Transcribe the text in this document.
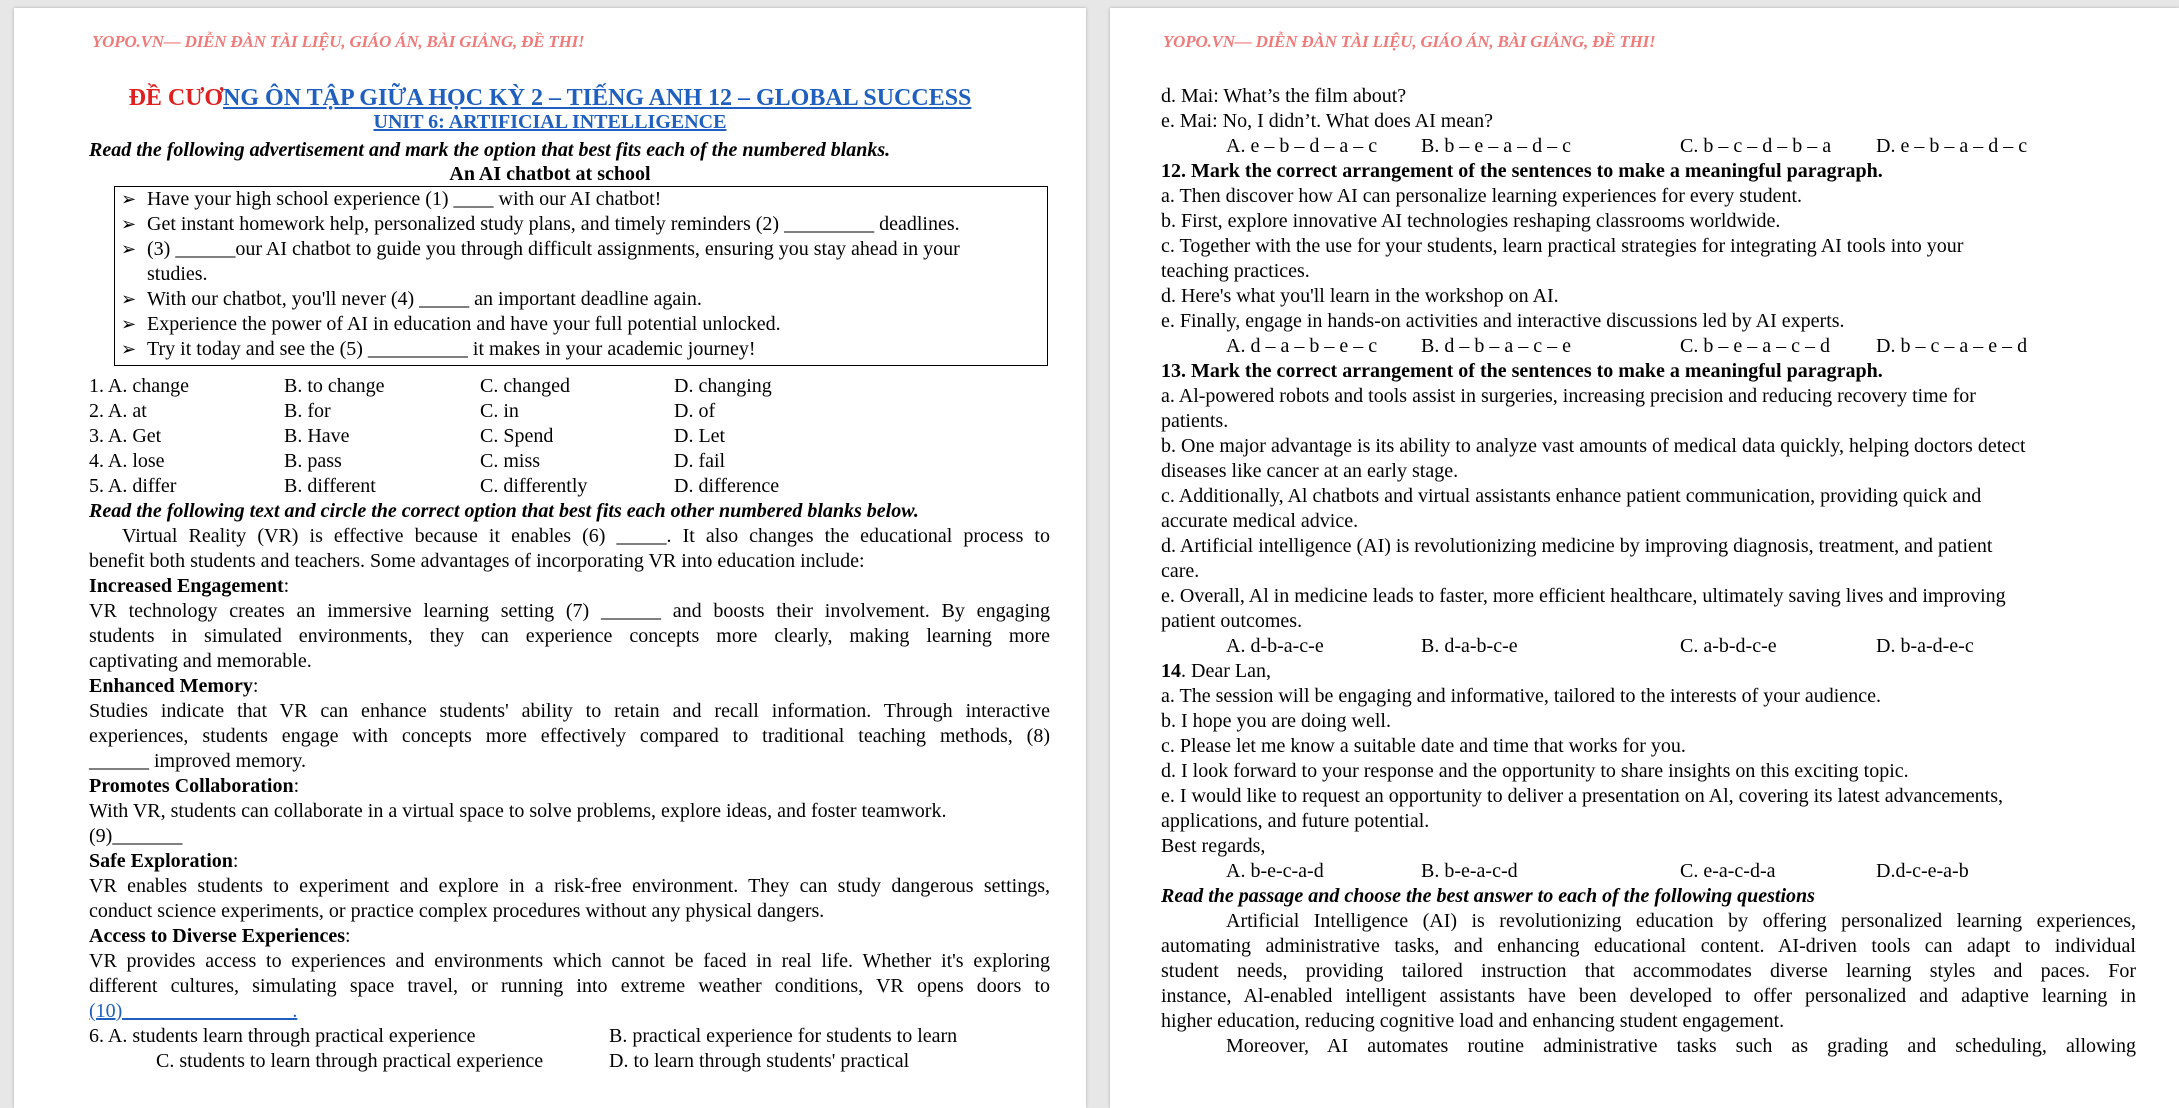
YOPO.VN— DIỄN ĐÀN TÀI LIỆU, GIÁO ÁN, BÀI GIẢNG, ĐỀ THI!
ĐỀ CƯƠNG ÔN TẬP GIỮA HỌC KỲ 2 – TIẾNG ANH 12 – GLOBAL SUCCESS
UNIT 6: ARTIFICIAL INTELLIGENCE
Read the following advertisement and mark the option that best fits each of the numbered blanks.
An AI chatbot at school
➢ Have your high school experience (1) ____ with our AI chatbot!
➢ Get instant homework help, personalized study plans, and timely reminders (2) _________ deadlines.
➢ (3) ______our AI chatbot to guide you through difficult assignments, ensuring you stay ahead in your
studies.
➢ With our chatbot, you'll never (4) _____ an important deadline again.
➢ Experience the power of AI in education and have your full potential unlocked.
➢ Try it today and see the (5) __________ it makes in your academic journey!
1. A. change	B. to change	C. changed	D. changing
2. A. at	B. for	C. in	D. of
3. A. Get	B. Have	C. Spend	D. Let
4. A. lose	B. pass	C. miss	D. fail
5. A. differ	B. different	C. differently	D. difference
Read the following text and circle the correct option that best fits each other numbered blanks below.
Virtual Reality (VR) is effective because it enables (6) _____. It also changes the educational process to
benefit both students and teachers. Some advantages of incorporating VR into education include:
Increased Engagement:
VR technology creates an immersive learning setting (7) ______ and boosts their involvement. By engaging
students in simulated environments, they can experience concepts more clearly, making learning more
captivating and memorable.
Enhanced Memory:
Studies indicate that VR can enhance students' ability to retain and recall information. Through interactive
experiences, students engage with concepts more effectively compared to traditional teaching methods, (8)
______ improved memory.
Promotes Collaboration:
With VR, students can collaborate in a virtual space to solve problems, explore ideas, and foster teamwork.
(9)_______
Safe Exploration:
VR enables students to experiment and explore in a risk-free environment. They can study dangerous settings,
conduct science experiments, or practice complex procedures without any physical dangers.
Access to Diverse Experiences:
VR provides access to experiences and environments which cannot be faced in real life. Whether it's exploring
different cultures, simulating space travel, or running into extreme weather conditions, VR opens doors to
(10)_________________.
6. A. students learn through practical experience	B. practical experience for students to learn
C. students to learn through practical experience	D. to learn through students' practical
YOPO.VN— DIỄN ĐÀN TÀI LIỆU, GIÁO ÁN, BÀI GIẢNG, ĐỀ THI!
d. Mai: What’s the film about?
e. Mai: No, I didn’t. What does AI mean?
A. e – b – d – a – c B. b – e – a – d – c	C. b – c – d – b – a D. e – b – a – d – c
12. Mark the correct arrangement of the sentences to make a meaningful paragraph.
a. Then discover how AI can personalize learning experiences for every student.
b. First, explore innovative AI technologies reshaping classrooms worldwide.
c. Together with the use for your students, learn practical strategies for integrating AI tools into your
teaching practices.
d. Here's what you'll learn in the workshop on AI.
e. Finally, engage in hands-on activities and interactive discussions led by AI experts.
A. d – a – b – e – c B. d – b – a – c – e	C. b – e – a – c – d D. b – c – a – e – d
13. Mark the correct arrangement of the sentences to make a meaningful paragraph.
a. Al-powered robots and tools assist in surgeries, increasing precision and reducing recovery time for
patients.
b. One major advantage is its ability to analyze vast amounts of medical data quickly, helping doctors detect
diseases like cancer at an early stage.
c. Additionally, Al chatbots and virtual assistants enhance patient communication, providing quick and
accurate medical advice.
d. Artificial intelligence (AI) is revolutionizing medicine by improving diagnosis, treatment, and patient
care.
e. Overall, Al in medicine leads to faster, more efficient healthcare, ultimately saving lives and improving
patient outcomes.
A. d-b-a-c-e	B. d-a-b-c-e	C. a-b-d-c-e	D. b-a-d-e-c
14. Dear Lan,
a. The session will be engaging and informative, tailored to the interests of your audience.
b. I hope you are doing well.
c. Please let me know a suitable date and time that works for you.
d. I look forward to your response and the opportunity to share insights on this exciting topic.
e. I would like to request an opportunity to deliver a presentation on Al, covering its latest advancements,
applications, and future potential.
Best regards,
A. b-e-c-a-d	B. b-e-a-c-d	C. e-a-c-d-a	D.d-c-e-a-b
Read the passage and choose the best answer to each of the following questions
Artificial Intelligence (AI) is revolutionizing education by offering personalized learning experiences,
automating administrative tasks, and enhancing educational content. AI-driven tools can adapt to individual
student needs, providing tailored instruction that accommodates diverse learning styles and paces. For
instance, Al-enabled intelligent assistants have been developed to offer personalized and adaptive learning in
higher education, reducing cognitive load and enhancing student engagement.
Moreover, AI automates routine administrative tasks such as grading and scheduling, allowing
